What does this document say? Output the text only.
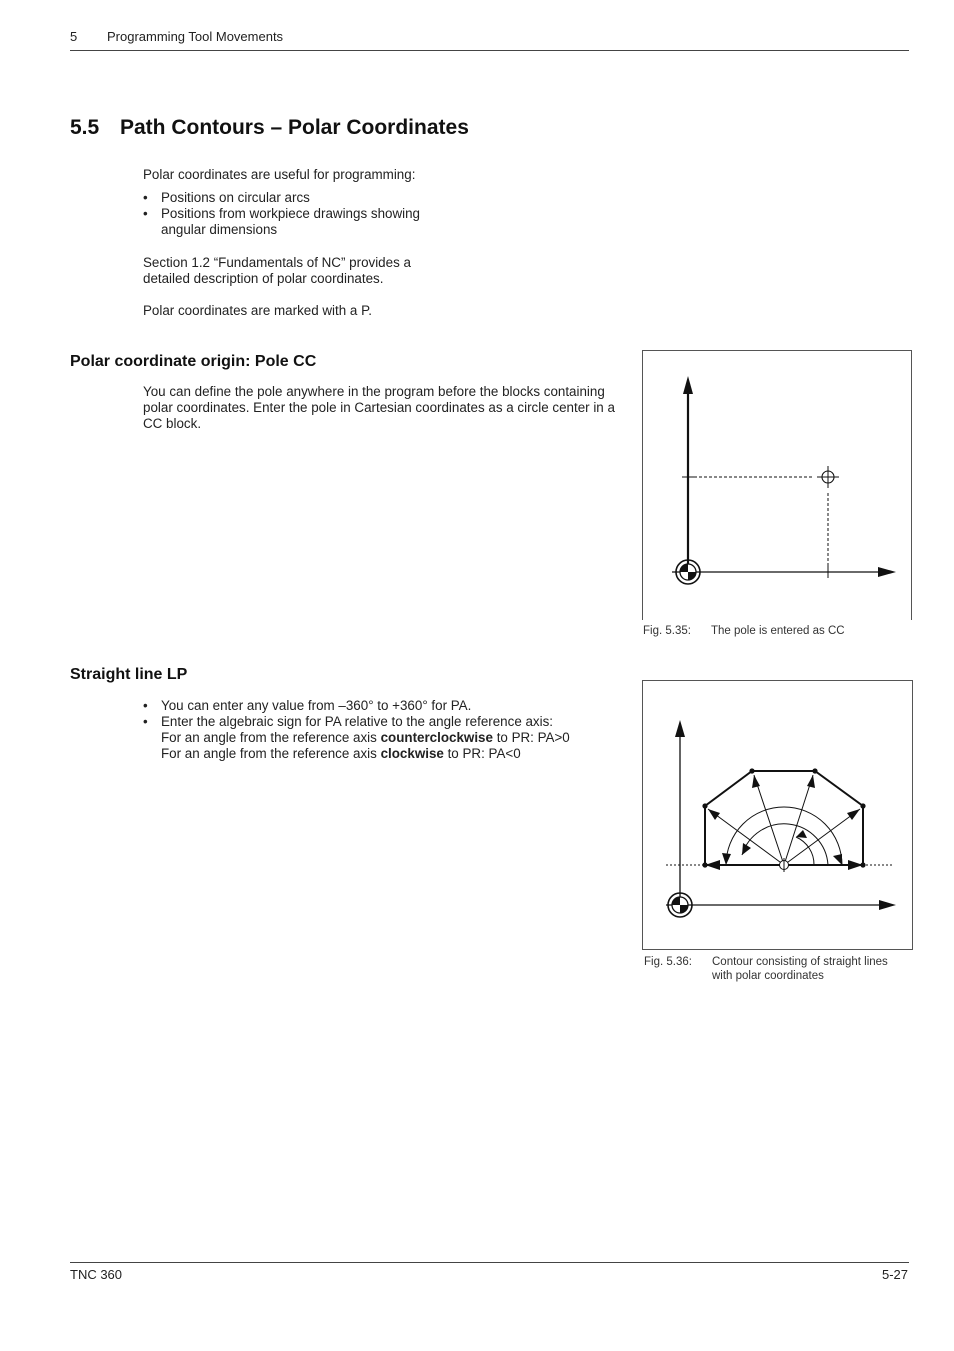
5 Programming Tool Movements
5.5 Path Contours – Polar Coordinates

Polar coordinates are useful for programming:

• Positions on circular arcs
• Positions from workpiece drawings showing angular dimensions

Section 1.2 “Fundamentals of NC” provides a detailed description of polar coordinates.

Polar coordinates are marked with a P.

Polar coordinate origin: Pole CC

You can define the pole anywhere in the program before the blocks containing polar coordinates. Enter the pole in Cartesian coordinates as a circle center in a CC block.

Fig. 5.35: The pole is entered as CC
Straight line LP
• You can enter any value from –360° to +360° for PA.
• Enter the algebraic sign for PA relative to the angle reference axis:
For an angle from the reference axis counterclockwise to PR: PA>0
For an angle from the reference axis clockwise to PR: PA<0
Fig. 5.36: Contour consisting of straight lines with polar coordinates
TNC 360	5-27
